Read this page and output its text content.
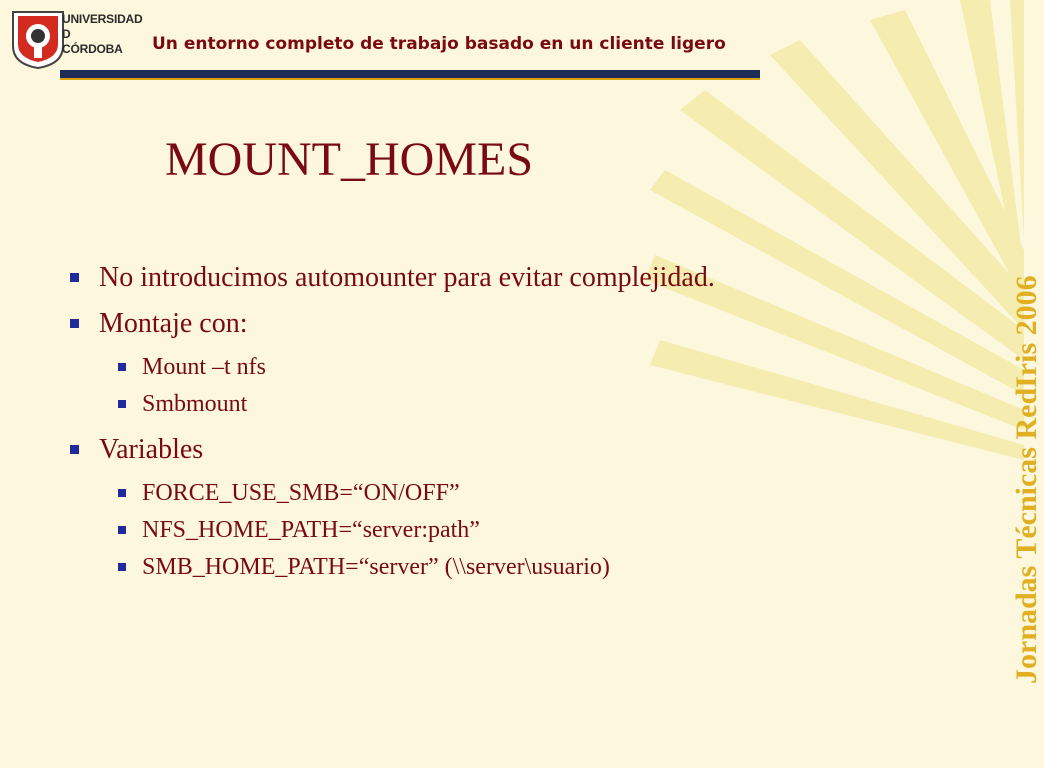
UNIVERSIDAD
D
CÓRDOBA	Un entorno completo de trabajo basado en un cliente ligero
MOUNT_HOMES
No introducimos automounter para evitar complejidad.
Montaje con:
Mount –t nfs
Smbmount
Variables
FORCE_USE_SMB=“ON/OFF”
NFS_HOME_PATH=“server:path”
SMB_HOME_PATH=“server” (\\server\usuario)	Jornadas Técnicas RedIris 2006
